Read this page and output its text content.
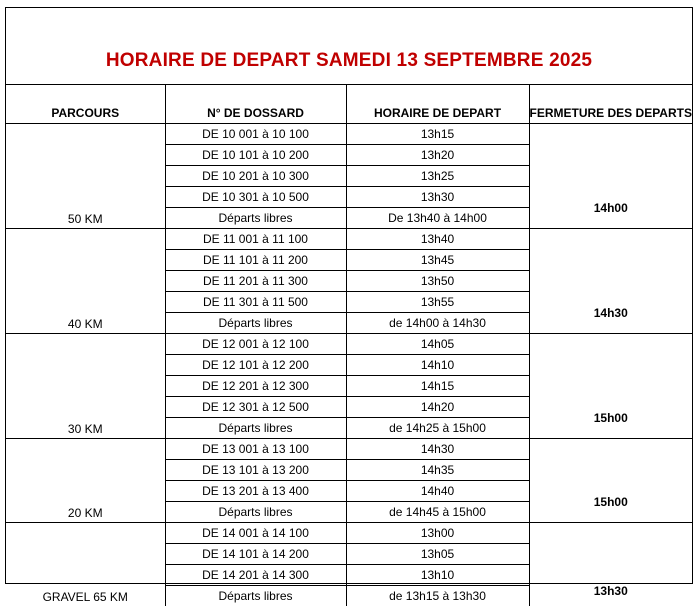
HORAIRE DE DEPART SAMEDI 13 SEPTEMBRE 2025
PARCOURS	N° DE DOSSARD	HORAIRE DE DEPART	FERMETURE DES DEPARTS

50 KM	DE 10 001 à 10 100	13h15	14h00

	DE 10 101 à 10 200	13h20	
	DE 10 201 à 10 300	13h25	
	DE 10 301 à 10 500	13h30	
	Départs libres	De 13h40 à 14h00	

40 KM	DE 11 001 à 11 100	13h40	14h30

	DE 11 101 à 11 200	13h45	
	DE 11 201 à 11 300	13h50	
	DE 11 301 à 11 500	13h55	
	Départs libres	de 14h00 à 14h30	

30 KM	DE 12 001 à 12 100	14h05	15h00

	DE 12 101 à 12 200	14h10	
	DE 12 201 à 12 300	14h15	
	DE 12 301 à 12 500	14h20	
	Départs libres	de 14h25 à 15h00	

20 KM	DE 13 001 à 13 100	14h30	15h00

	DE 13 101 à 13 200	14h35	
	DE 13 201 à 13 400	14h40	
	Départs libres	de 14h45 à 15h00	

GRAVEL 65 KM	DE 14 001 à 14 100	13h00	13h30

	DE 14 101 à 14 200	13h05	
	DE 14 201 à 14 300	13h10	
	Départs libres	de 13h15 à 13h30	
